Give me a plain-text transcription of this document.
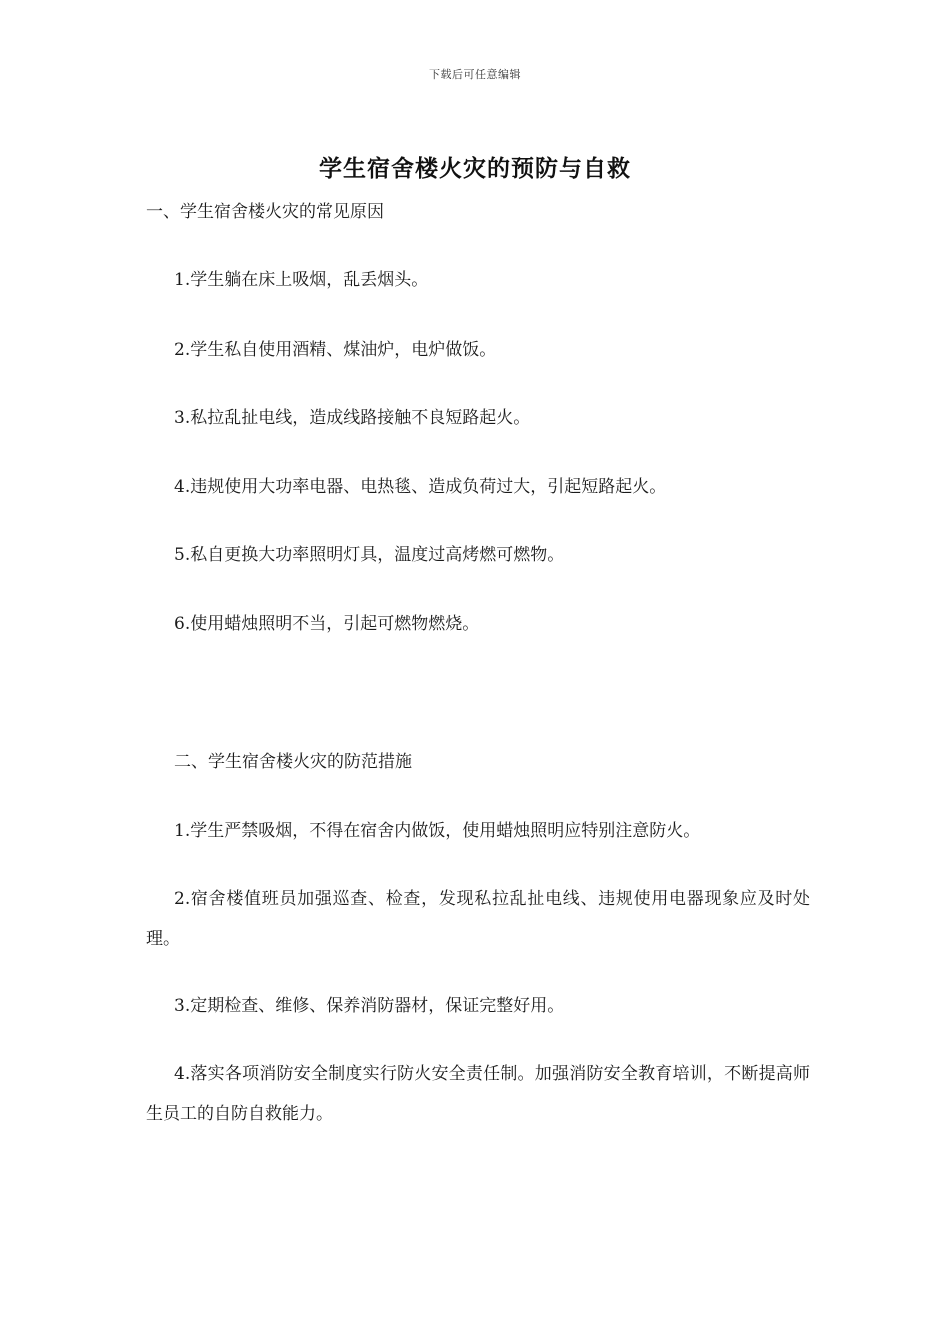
下载后可任意编辑
学生宿舍楼火灾的预防与自救
一、学生宿舍楼火灾的常见原因
1.学生躺在床上吸烟，乱丢烟头。
2.学生私自使用酒精、煤油炉，电炉做饭。
3.私拉乱扯电线，造成线路接触不良短路起火。
4.违规使用大功率电器、电热毯、造成负荷过大，引起短路起火。
5.私自更换大功率照明灯具，温度过高烤燃可燃物。
6.使用蜡烛照明不当，引起可燃物燃烧。
二、学生宿舍楼火灾的防范措施
1.学生严禁吸烟，不得在宿舍内做饭，使用蜡烛照明应特别注意防火。
2.宿舍楼值班员加强巡查、检查，发现私拉乱扯电线、违规使用电器现象应及时处理。
3.定期检查、维修、保养消防器材，保证完整好用。
4.落实各项消防安全制度实行防火安全责任制。加强消防安全教育培训，不断提高师生员工的自防自救能力。
